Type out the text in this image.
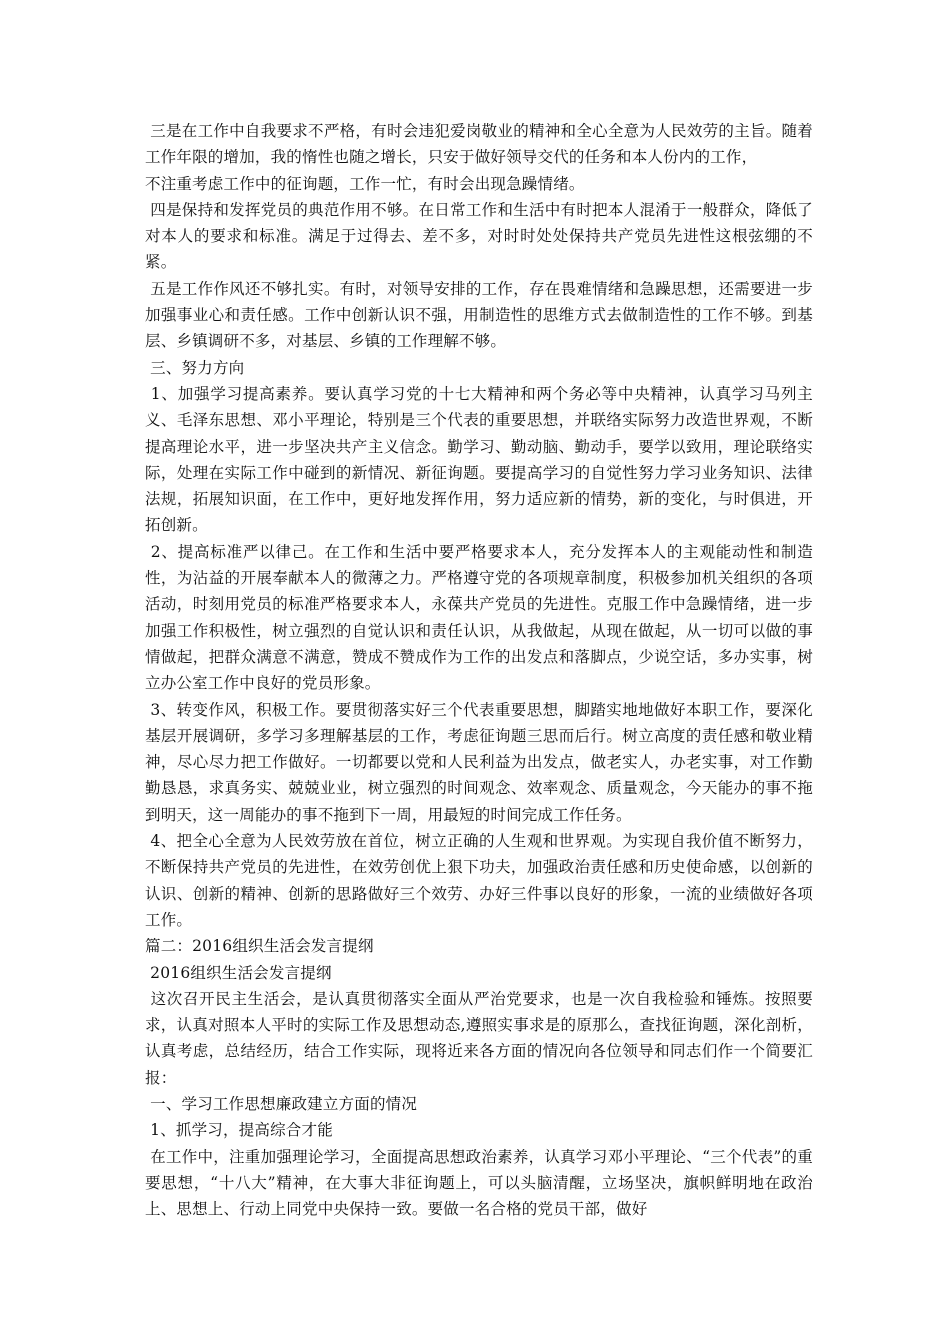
三是在工作中自我要求不严格，有时会违犯爱岗敬业的精神和全心全意为人民效劳的主旨。随着工作年限的增加，我的惰性也随之增长，只安于做好领导交代的任务和本人份内的工作，

不注重考虑工作中的征询题，工作一忙，有时会出现急躁情绪。

四是保持和发挥党员的典范作用不够。在日常工作和生活中有时把本人混淆于一般群众，降低了对本人的要求和标准。满足于过得去、差不多，对时时处处保持共产党员先进性这根弦绷的不紧。

五是工作作风还不够扎实。有时，对领导安排的工作，存在畏难情绪和急躁思想，还需要进一步加强事业心和责任感。工作中创新认识不强，用制造性的思维方式去做制造性的工作不够。到基层、乡镇调研不多，对基层、乡镇的工作理解不够。

三、努力方向

1、加强学习提高素养。要认真学习党的十七大精神和两个务必等中央精神，认真学习马列主义、毛泽东思想、邓小平理论，特别是三个代表的重要思想，并联络实际努力改造世界观，不断提高理论水平，进一步坚决共产主义信念。勤学习、勤动脑、勤动手，要学以致用，理论联络实际，处理在实际工作中碰到的新情况、新征询题。要提高学习的自觉性努力学习业务知识、法律法规，拓展知识面，在工作中，更好地发挥作用，努力适应新的情势，新的变化，与时俱进，开拓创新。

2、提高标准严以律己。在工作和生活中要严格要求本人，充分发挥本人的主观能动性和制造性，为沾益的开展奉献本人的微薄之力。严格遵守党的各项规章制度，积极参加机关组织的各项活动，时刻用党员的标准严格要求本人，永葆共产党员的先进性。克服工作中急躁情绪，进一步加强工作积极性，树立强烈的自觉认识和责任认识，从我做起，从现在做起，从一切可以做的事情做起，把群众满意不满意，赞成不赞成作为工作的出发点和落脚点，少说空话，多办实事，树立办公室工作中良好的党员形象。

3、转变作风，积极工作。要贯彻落实好三个代表重要思想，脚踏实地地做好本职工作，要深化基层开展调研，多学习多理解基层的工作，考虑征询题三思而后行。树立高度的责任感和敬业精神，尽心尽力把工作做好。一切都要以党和人民利益为出发点，做老实人，办老实事，对工作勤勤恳恳，求真务实、兢兢业业，树立强烈的时间观念、效率观念、质量观念，今天能办的事不拖到明天，这一周能办的事不拖到下一周，用最短的时间完成工作任务。

4、把全心全意为人民效劳放在首位，树立正确的人生观和世界观。为实现自我价值不断努力，不断保持共产党员的先进性，在效劳创优上狠下功夫，加强政治责任感和历史使命感，以创新的认识、创新的精神、创新的思路做好三个效劳、办好三件事以良好的形象，一流的业绩做好各项工作。

篇二：2016组织生活会发言提纲

2016组织生活会发言提纲

这次召开民主生活会，是认真贯彻落实全面从严治党要求，也是一次自我检验和锤炼。按照要求，认真对照本人平时的实际工作及思想动态,遵照实事求是的原那么，查找征询题，深化剖析，认真考虑，总结经历，结合工作实际，现将近来各方面的情况向各位领导和同志们作一个简要汇报：

一、学习工作思想廉政建立方面的情况

1、抓学习，提高综合才能

在工作中，注重加强理论学习，全面提高思想政治素养，认真学习邓小平理论、“三个代表”的重要思想，“十八大”精神，在大事大非征询题上，可以头脑清醒，立场坚决，旗帜鲜明地在政治上、思想上、行动上同党中央保持一致。要做一名合格的党员干部，做好
